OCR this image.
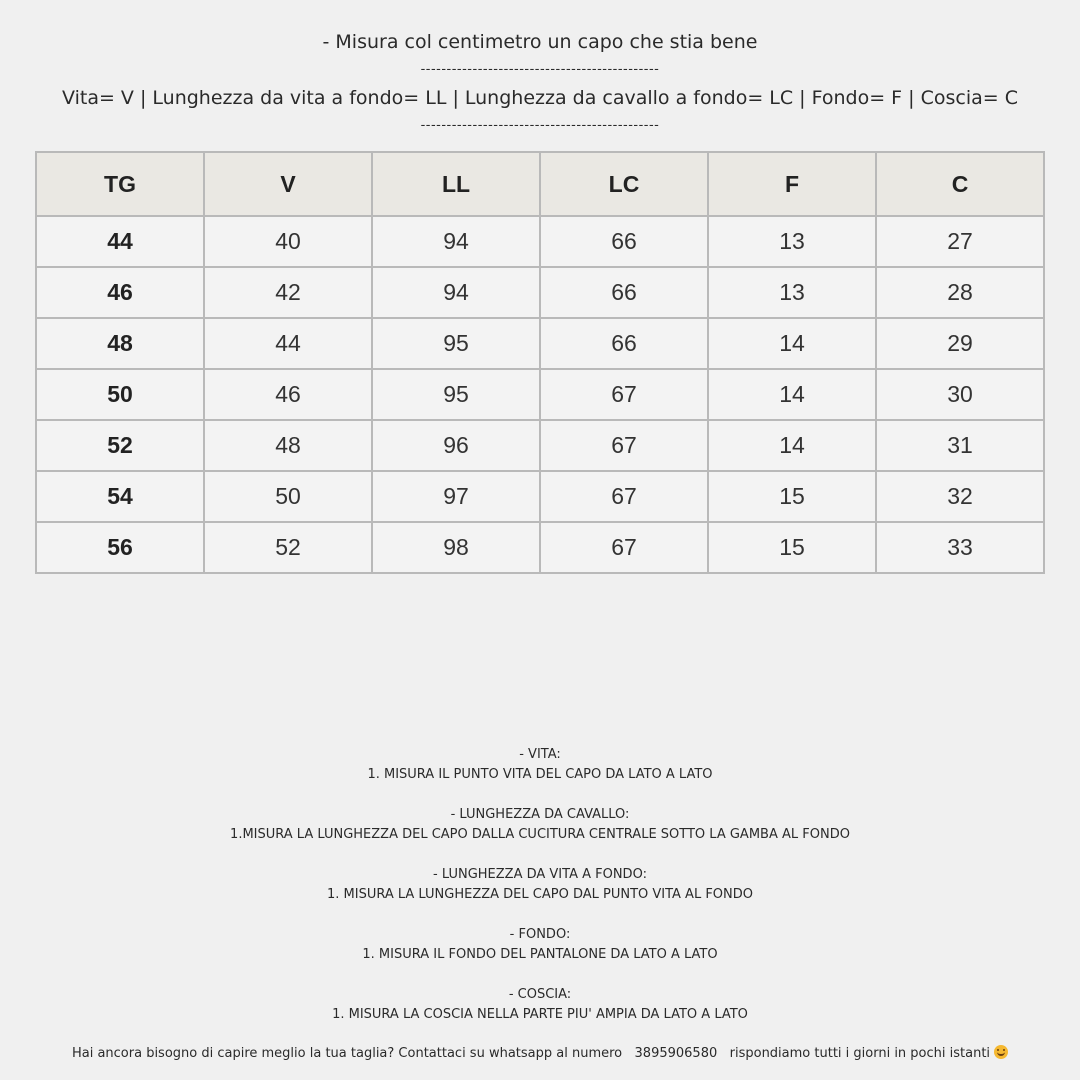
- Misura col centimetro un capo che stia bene
----------------------------------------------
Vita= V | Lunghezza da vita a fondo= LL | Lunghezza da cavallo a fondo= LC | Fondo= F | Coscia= C
----------------------------------------------
TG	V	LL	LC	F	C
44	40	94	66	13	27
46	42	94	66	13	28
48	44	95	66	14	29
50	46	95	67	14	30
52	48	96	67	14	31
54	50	97	67	15	32
56	52	98	67	15	33
- VITA:
1. MISURA IL PUNTO VITA DEL CAPO DA LATO A LATO
- LUNGHEZZA DA CAVALLO:
1.MISURA LA LUNGHEZZA DEL CAPO DALLA CUCITURA CENTRALE SOTTO LA GAMBA AL FONDO
- LUNGHEZZA DA VITA A FONDO:
1. MISURA LA LUNGHEZZA DEL CAPO DAL PUNTO VITA AL FONDO
- FONDO:
1. MISURA IL FONDO DEL PANTALONE DA LATO A LATO
- COSCIA:
1. MISURA LA COSCIA NELLA PARTE PIU' AMPIA DA LATO A LATO
Hai ancora bisogno di capire meglio la tua taglia? Contattaci su whatsapp al numero   3895906580   rispondiamo tutti i giorni in pochi istanti
